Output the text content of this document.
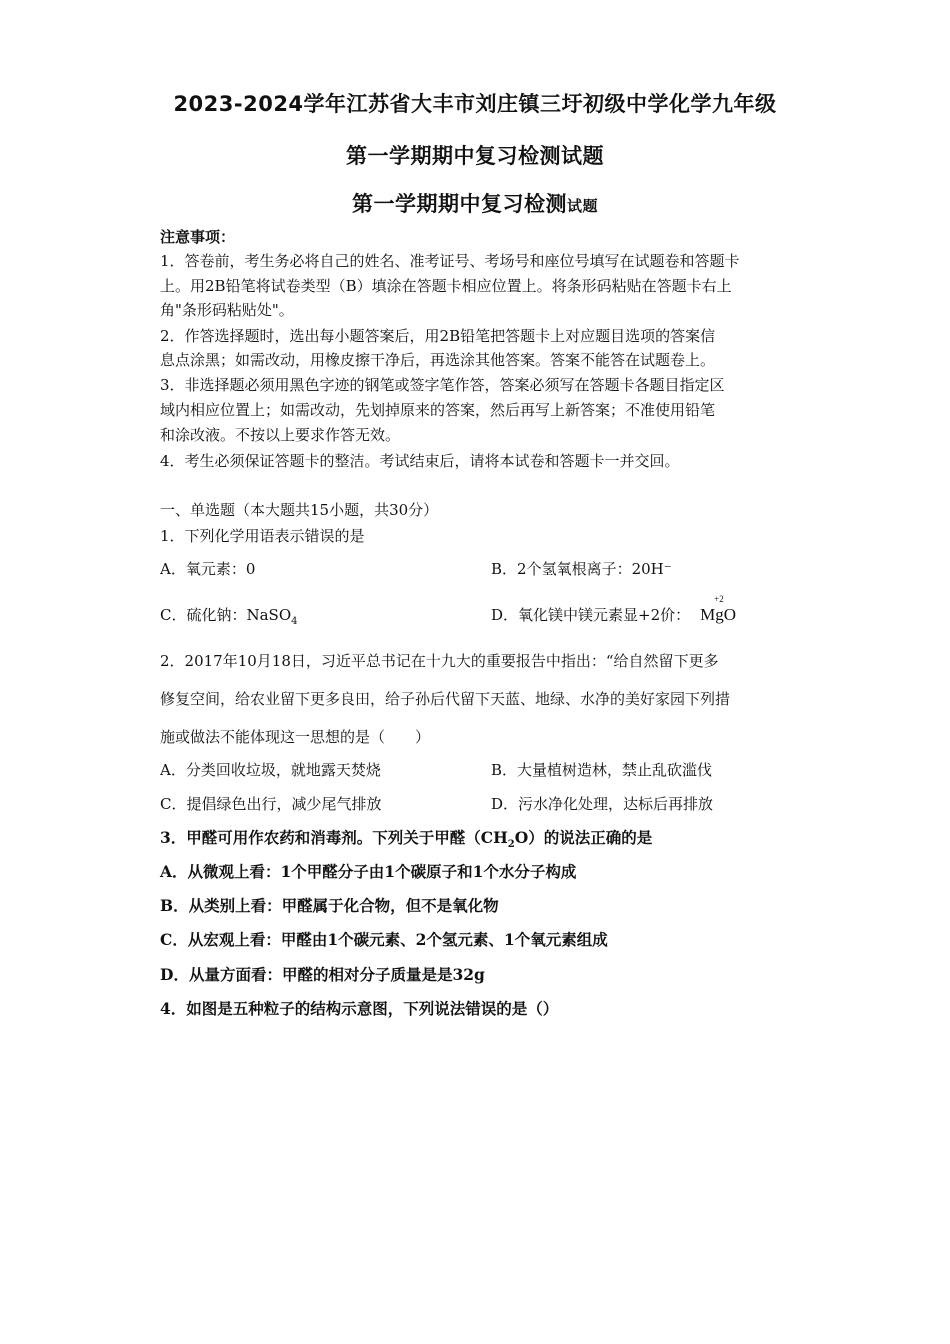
2023-2024学年江苏省大丰市刘庄镇三圩初级中学化学九年级
第一学期期中复习检测试题
第一学期期中复习检测试题
注意事项：
1．答卷前，考生务必将自己的姓名、准考证号、考场号和座位号填写在试题卷和答题卡
上。用2B铅笔将试卷类型（B）填涂在答题卡相应位置上。将条形码粘贴在答题卡右上
角"条形码粘贴处"。
2．作答选择题时，选出每小题答案后，用2B铅笔把答题卡上对应题目选项的答案信
息点涂黑；如需改动，用橡皮擦干净后，再选涂其他答案。答案不能答在试题卷上。
3．非选择题必须用黑色字迹的钢笔或签字笔作答，答案必须写在答题卡各题目指定区
域内相应位置上；如需改动，先划掉原来的答案，然后再写上新答案；不准使用铅笔
和涂改液。不按以上要求作答无效。
4．考生必须保证答题卡的整洁。考试结束后，请将本试卷和答题卡一并交回。
一、单选题（本大题共15小题，共30分）
1．下列化学用语表示错误的是
A．氧元素：0	B．2个氢氧根离子：20H⁻
C．硫化钠：NaSO$_4$	D．氧化镁中镁元素显+2价：
+2
MgO
2．2017年10月18日，习近平总书记在十九大的重要报告中指出：“给自然留下更多
修复空间，给农业留下更多良田，给子孙后代留下天蓝、地绿、水净的美好家园下列措
施或做法不能体现这一思想的是（　　）
A．分类回收垃圾，就地露天焚烧	B．大量植树造林，禁止乱砍滥伐
C．提倡绿色出行，减少尾气排放	D．污水净化处理，达标后再排放
3．甲醛可用作农药和消毒剂。下列关于甲醛$(CH_2O)$的说法正确的是
A．从微观上看：1个甲醛分子由1个碳原子和1个水分子构成
B．从类别上看：甲醛属于化合物，但不是氧化物
C．从宏观上看：甲醛由1个碳元素、2个氢元素、1个氧元素组成
D．从量方面看：甲醛的相对分子质量是是32g
4．如图是五种粒子的结构示意图，下列说法错误的是（）
